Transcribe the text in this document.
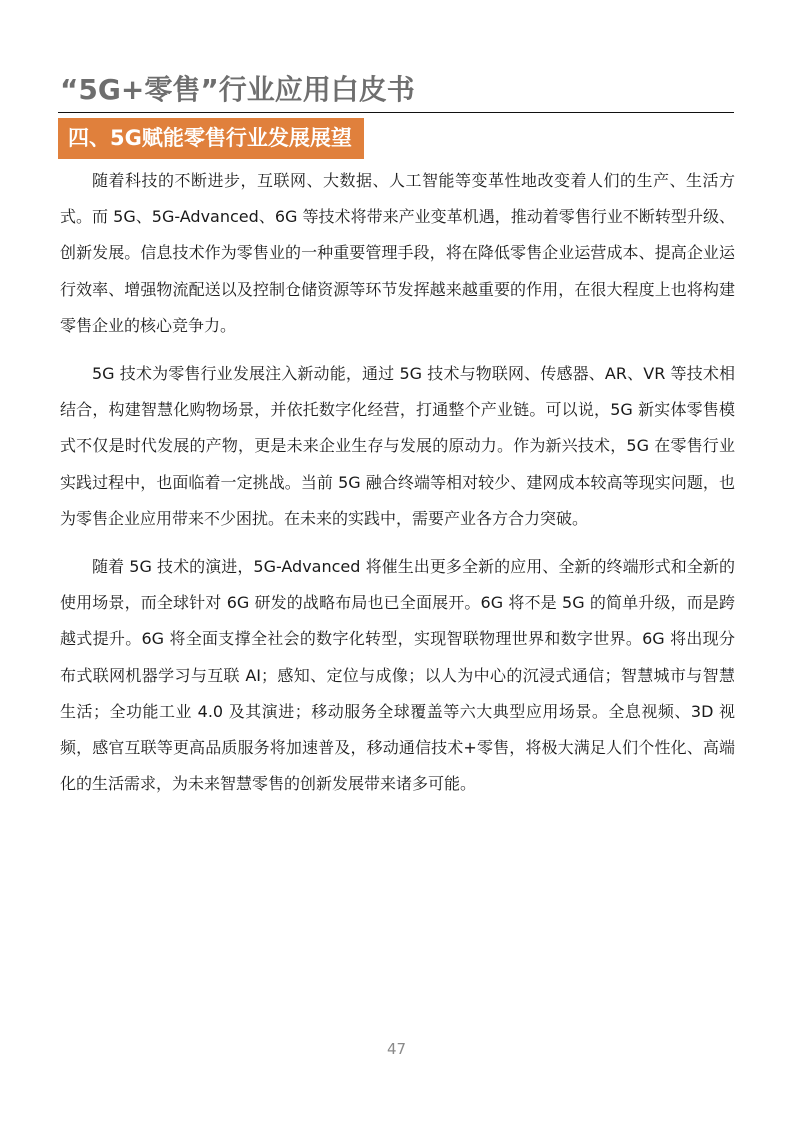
“5G+零售”行业应用白皮书
四、5G赋能零售行业发展展望

随着科技的不断进步，互联网、大数据、人工智能等变革性地改变着人们的生产、生活方式。而 5G、5G-Advanced、6G 等技术将带来产业变革机遇，推动着零售行业不断转型升级、创新发展。信息技术作为零售业的一种重要管理手段，将在降低零售企业运营成本、提高企业运行效率、增强物流配送以及控制仓储资源等环节发挥越来越重要的作用，在很大程度上也将构建零售企业的核心竞争力。

5G 技术为零售行业发展注入新动能，通过 5G 技术与物联网、传感器、AR、VR 等技术相结合，构建智慧化购物场景，并依托数字化经营，打通整个产业链。可以说，5G 新实体零售模式不仅是时代发展的产物，更是未来企业生存与发展的原动力。作为新兴技术，5G 在零售行业实践过程中，也面临着一定挑战。当前 5G 融合终端等相对较少、建网成本较高等现实问题，也为零售企业应用带来不少困扰。在未来的实践中，需要产业各方合力突破。

随着 5G 技术的演进，5G-Advanced 将催生出更多全新的应用、全新的终端形式和全新的使用场景，而全球针对 6G 研发的战略布局也已全面展开。6G 将不是 5G 的简单升级，而是跨越式提升。6G 将全面支撑全社会的数字化转型，实现智联物理世界和数字世界。6G 将出现分布式联网机器学习与互联 AI；感知、定位与成像；以人为中心的沉浸式通信；智慧城市与智慧生活；全功能工业 4.0 及其演进；移动服务全球覆盖等六大典型应用场景。全息视频、3D 视频，感官互联等更高品质服务将加速普及，移动通信技术+零售，将极大满足人们个性化、高端化的生活需求，为未来智慧零售的创新发展带来诸多可能。

47
